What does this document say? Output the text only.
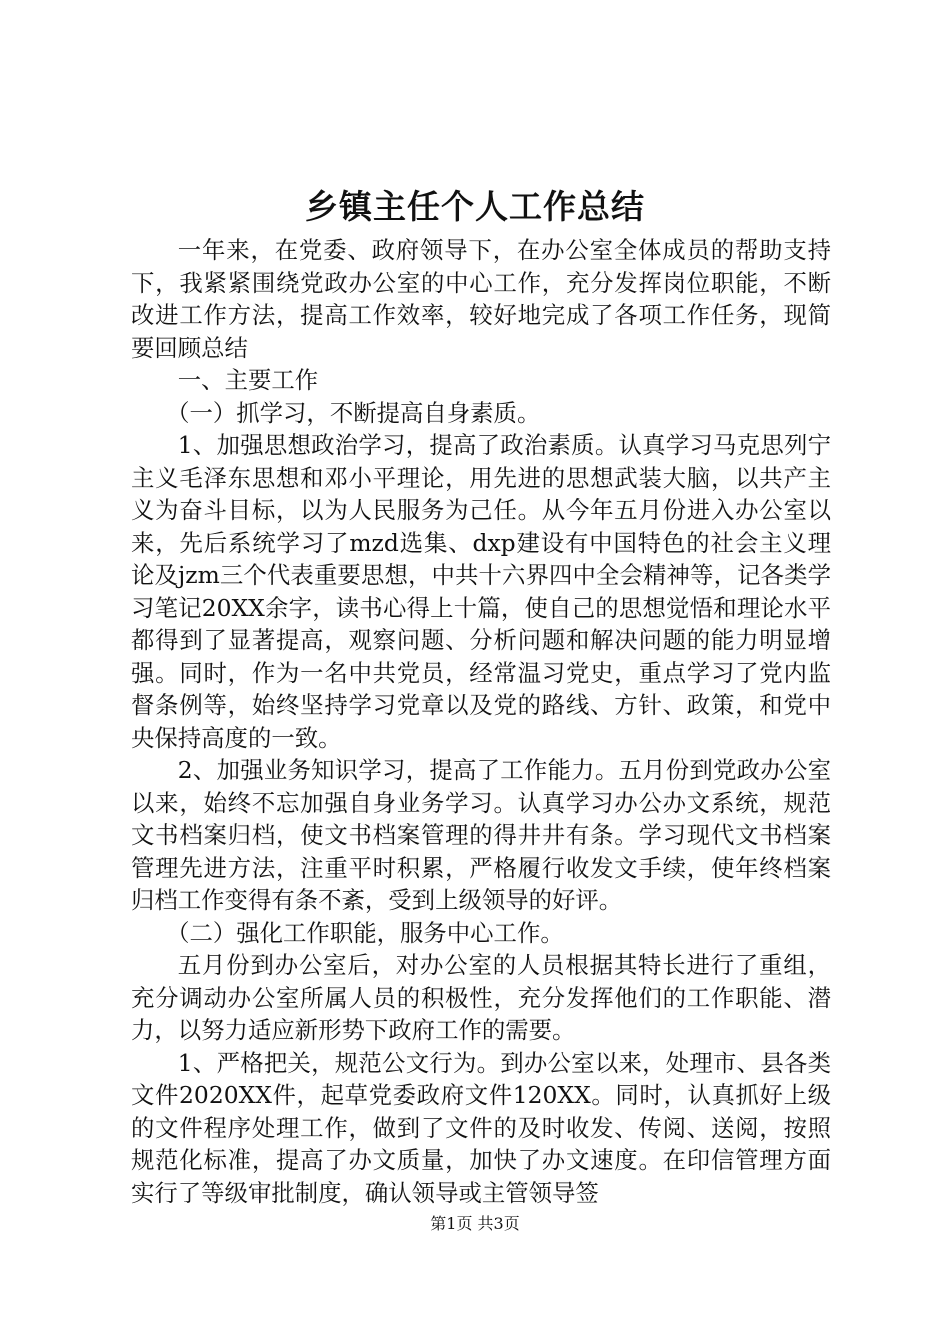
乡镇主任个人工作总结

一年来，在党委、政府领导下，在办公室全体成员的帮助支持下，我紧紧围绕党政办公室的中心工作，充分发挥岗位职能，不断改进工作方法，提高工作效率，较好地完成了各项工作任务，现简要回顾总结

一、主要工作

（一）抓学习，不断提高自身素质。

1、加强思想政治学习，提高了政治素质。认真学习马克思列宁主义毛泽东思想和邓小平理论，用先进的思想武装大脑，以共产主义为奋斗目标，以为人民服务为己任。从今年五月份进入办公室以来，先后系统学习了mzd选集、dxp建设有中国特色的社会主义理论及jzm三个代表重要思想，中共十六界四中全会精神等，记各类学习笔记20XX余字，读书心得上十篇，使自己的思想觉悟和理论水平都得到了显著提高，观察问题、分析问题和解决问题的能力明显增强。同时，作为一名中共党员，经常温习党史，重点学习了党内监督条例等，始终坚持学习党章以及党的路线、方针、政策，和党中央保持高度的一致。

2、加强业务知识学习，提高了工作能力。五月份到党政办公室以来，始终不忘加强自身业务学习。认真学习办公办文系统，规范文书档案归档，使文书档案管理的得井井有条。学习现代文书档案管理先进方法，注重平时积累，严格履行收发文手续，使年终档案归档工作变得有条不紊，受到上级领导的好评。

（二）强化工作职能，服务中心工作。

五月份到办公室后，对办公室的人员根据其特长进行了重组，充分调动办公室所属人员的积极性，充分发挥他们的工作职能、潜力，以努力适应新形势下政府工作的需要。

1、严格把关，规范公文行为。到办公室以来，处理市、县各类文件2020XX件，起草党委政府文件120XX。同时，认真抓好上级的文件程序处理工作，做到了文件的及时收发、传阅、送阅，按照规范化标准，提高了办文质量，加快了办文速度。在印信管理方面实行了等级审批制度，确认领导或主管领导签

第1页 共3页
